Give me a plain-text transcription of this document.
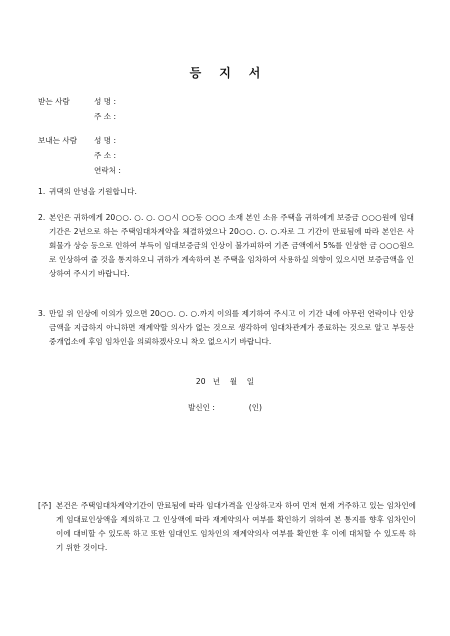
등 지 서
받는 사람	성 명 :
주 소 :
보내는 사람 성 명 :
주 소 :
연락처 :
1. 귀댁의 안녕을 기원합니다.
2. 본인은 귀하에게 20○○. ○. ○. ○○시 ○○동 ○○○ 소재 본인 소유 주택을 귀하에게 보증금 ○○○원에 임대기간은 2년으로 하는 주택임대차계약을 체결하였으나 20○○. ○. ○.자로 그 기간이 만료됨에 따라 본인은 사회물가 상승 등으로 인하여 부득이 임대보증금의 인상이 불가피하여 기존 금액에서 5%를 인상한 금 ○○○원으로 인상하여 줄 것을 통지하오니 귀하가 계속하여 본 주택을 임차하여 사용하실 의향이 있으시면 보증금액을 인상하여 주시기 바랍니다.
3. 만일 위 인상에 이의가 있으면 20○○. ○. ○.까지 이의를 제기하여 주시고 이 기간 내에 아무런 연락이나 인상금액을 지급하지 아니하면 재계약할 의사가 없는 것으로 생각하여 임대차관계가 종료하는 것으로 알고 부동산중개업소에 후임 임차인을 의뢰하겠사오니 착오 없으시기 바랍니다.
20   년    월    일
발신인 :              (인)
[주] 본건은 주택임대차계약기간이 만료됨에 따라 임대가격을 인상하고자 하여 먼저 현재 거주하고 있는 임차인에게 임대료인상액을 제의하고 그 인상액에 따라 재계약의사 여부를 확인하기 위하여 본 통지를 향후 임차인이 이에 대비할 수 있도록 하고 또한 임대인도 임차인의 재계약의사 여부를 확인한 후 이에 대처할 수 있도록 하기 위한 것이다.
